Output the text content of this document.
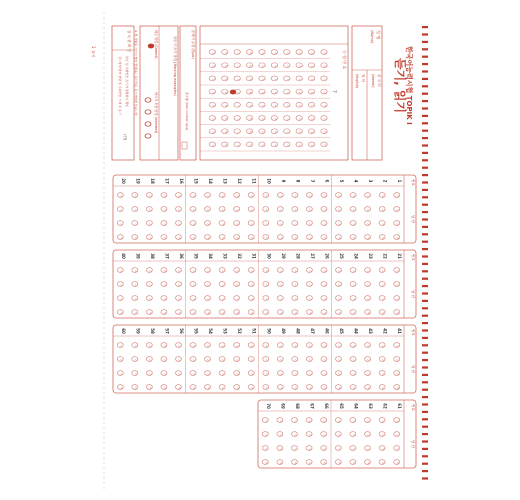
1 교시	한국어능력시험 TOPIK Ⅰ
듣기, 읽기
성 명
(Name)
한 국 어
(Korean)
영 어
(English)
수 험 번 호
7
0
1
2
3
4
5
6
7
8
9
0
1
2
3
4
5
6
7
8
9
0
1
2
3
4
5
6
7
8
9
0
1
2
3
4
5
6
7
8
9
0
1
2
3
4
5
6
7
8
9
0
1
2
3
4
5
6
7
8
9
0
1
2
3
4
5
6
7
8
9
0
1
2
3
4
5
6
7
8
9
문제지 유형 (Type)
홀수형 (Odd number type)
답안지 표기 방법 (Marking examples)
바른 방법 (Correct)
바르지 못한 방법 (Incorrect)
※ 위 사항을 지키지 않아 발생하는 불이익은 응시자에게 있습니다.
감 독 관 확 인
본인 및 수험번호 표기가 정확한지 확인
결시자의 영어 성명 및 수험번호 기재 후 표기
(인)
번호
답 란
1
1
2
3
4
2
1
2
3
4
3
1
2
3
4
4
1
2
3
4
5
1
2
3
4
6
1
2
3
4
7
1
2
3
4
8
1
2
3
4
9
1
2
3
4
10
1
2
3
4
11
1
2
3
4
12
1
2
3
4
13
1
2
3
4
14
1
2
3
4
15
1
2
3
4
16
1
2
3
4
17
1
2
3
4
18
1
2
3
4
19
1
2
3
4
20
1
2
3
4
번호
답 란
21
1
2
3
4
22
1
2
3
4
23
1
2
3
4
24
1
2
3
4
25
1
2
3
4
26
1
2
3
4
27
1
2
3
4
28
1
2
3
4
29
1
2
3
4
30
1
2
3
4
31
1
2
3
4
32
1
2
3
4
33
1
2
3
4
34
1
2
3
4
35
1
2
3
4
36
1
2
3
4
37
1
2
3
4
38
1
2
3
4
39
1
2
3
4
40
1
2
3
4
번호
답 란
41
1
2
3
4
42
1
2
3
4
43
1
2
3
4
44
1
2
3
4
45
1
2
3
4
46
1
2
3
4
47
1
2
3
4
48
1
2
3
4
49
1
2
3
4
50
1
2
3
4
51
1
2
3
4
52
1
2
3
4
53
1
2
3
4
54
1
2
3
4
55
1
2
3
4
56
1
2
3
4
57
1
2
3
4
58
1
2
3
4
59
1
2
3
4
60
1
2
3
4
번호
답 란
61
1
2
3
4
62
1
2
3
4
63
1
2
3
4
64
1
2
3
4
65
1
2
3
4
66
1
2
3
4
67
1
2
3
4
68
1
2
3
4
69
1
2
3
4
70
1
2
3
4
